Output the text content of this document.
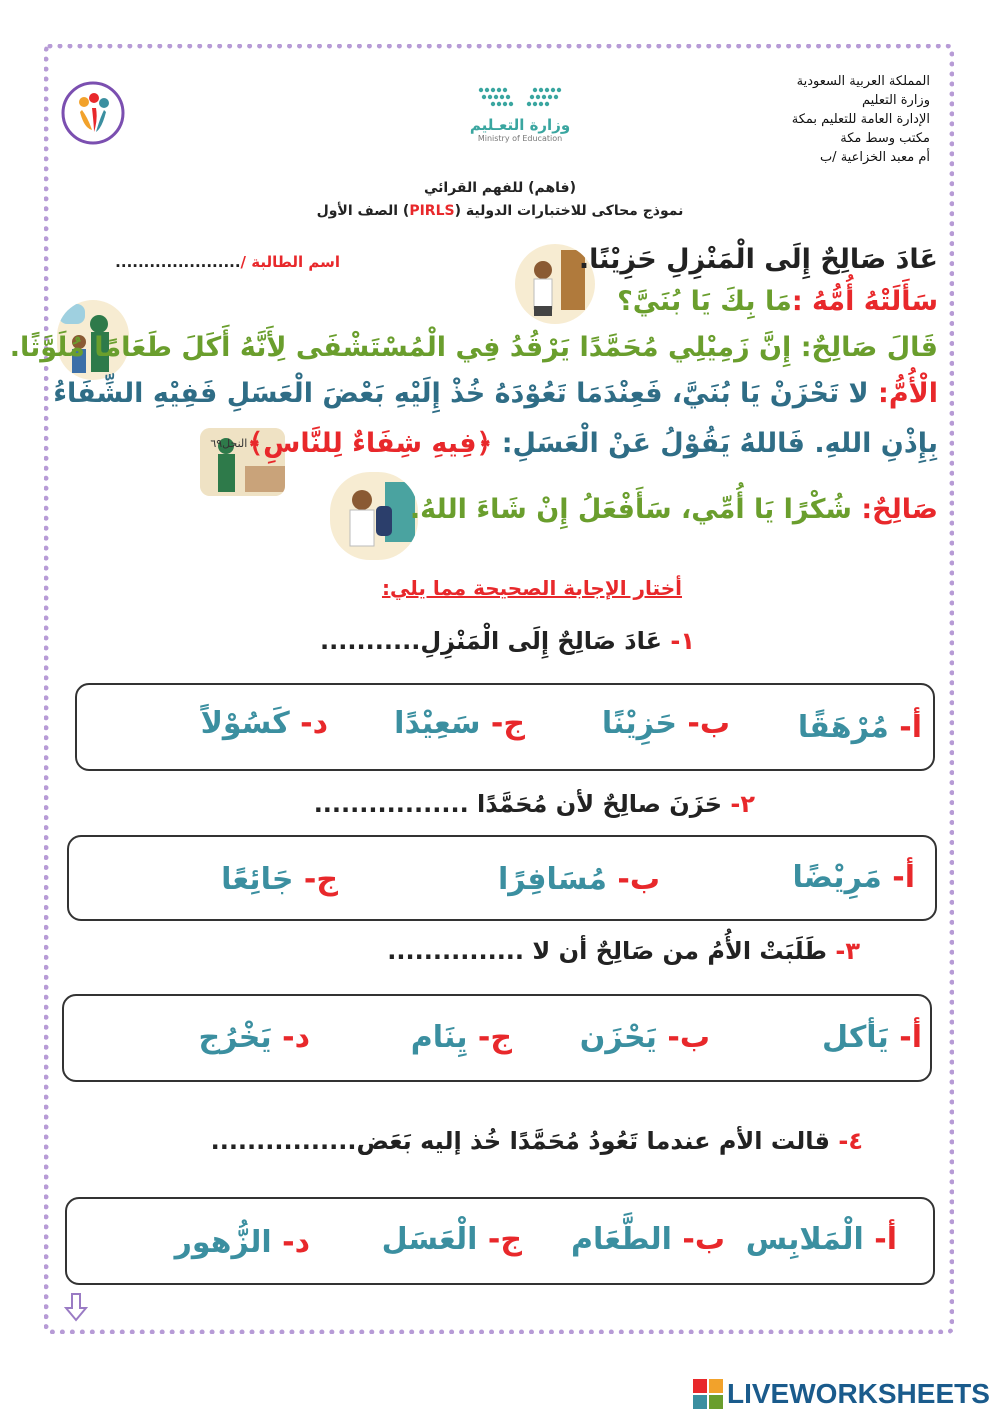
وزارة التعـليم
Ministry of Education
المملكة العربية السعودية
وزارة التعليم
الإدارة العامة للتعليم بمكة
مكتب وسط مكة
أم معبد الخزاعية /ب
(فاهم) للفهم القرائي
نموذج محاكى للاختبارات الدولية (PIRLS) الصف الأول
اسم الطالبة /......................	عَادَ صَالِحٌ إِلَى الْمَنْزِلِ حَزِيْنًا.
سَأَلَتْهُ أُمُّهُ :مَا بِكَ يَا بُنَيَّ؟
قَالَ صَالِحٌ: إِنَّ زَمِيْلِي مُحَمَّدًا يَرْقُدُ فِي الْمُسْتَشْفَى لِأَنَّهُ أَكَلَ طَعَامًا مُلَوَّثًا.
الْأُمُّ: لا تَحْزَنْ يَا بُنَيَّ، فَعِنْدَمَا تَعُوْدَهُ خُذْ إِلَيْهِ بَعْضَ الْعَسَلِ فَفِيْهِ الشِّفَاءُ
بِإِذْنِ اللهِ. فَاللهُ يَقُوْلُ عَنْ الْعَسَلِ: ﴿فِيهِ شِفَاءٌ لِلنَّاسِ﴾$^{النحل٦٩}$
صَالِحٌ: شُكْرًا يَا أُمِّي، سَأَفْعَلُ إِنْ شَاءَ اللهُ.
أختار الإجابة الصحيحة مما يلي:
١- عَادَ صَالِحٌ إِلَى الْمَنْزِلِ...........
أ- مُرْهَقًا
ب- حَزِيْنًا
ج- سَعِيْدًا
د- كَسُوْلاً
٢- حَزَنَ صالِحٌ لأن مُحَمَّدًا .................
أ- مَرِيْضًا
ب- مُسَافِرًا
ج- جَائِعًا
٣- طَلَبَتْ الأُمُ من صَالِحٌ أن لا ...............
أ- يَأكل
ب- يَحْزَن
ج- يِنَام
د- يَخْرُج
٤- قالت الأم عندما تَعُودُ مُحَمَّدًا خُذ إليه بَعَض................
أ- الْمَلابِس
ب- الطَّعَام
ج- الْعَسَل
د- الزُّهور
LIVEWORKSHEETS
